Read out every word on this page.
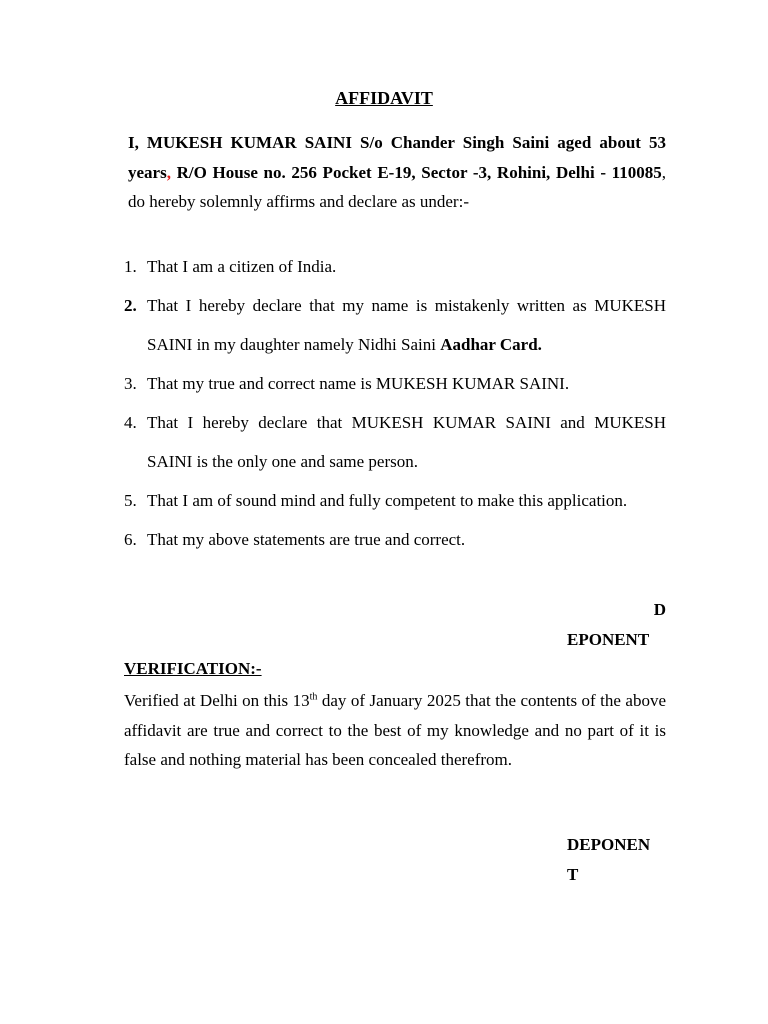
AFFIDAVIT
I, MUKESH KUMAR SAINI S/o Chander Singh Saini aged about 53 years, R/O House no. 256 Pocket E-19, Sector -3, Rohini, Delhi - 110085, do hereby solemnly affirms and declare as under:-
1. That I am a citizen of India.
2. That I hereby declare that my name is mistakenly written as MUKESH SAINI in my daughter namely Nidhi Saini Aadhar Card.
3. That my true and correct name is MUKESH KUMAR SAINI.
4. That I hereby declare that MUKESH KUMAR SAINI and MUKESH SAINI is the only one and same person.
5. That I am of sound mind and fully competent to make this application.
6. That my above statements are true and correct.
D
EPONENT
VERIFICATION:-
Verified at Delhi on this 13th day of January 2025 that the contents of the above affidavit are true and correct to the best of my knowledge and no part of it is false and nothing material has been concealed therefrom.
DEPONEN
T
